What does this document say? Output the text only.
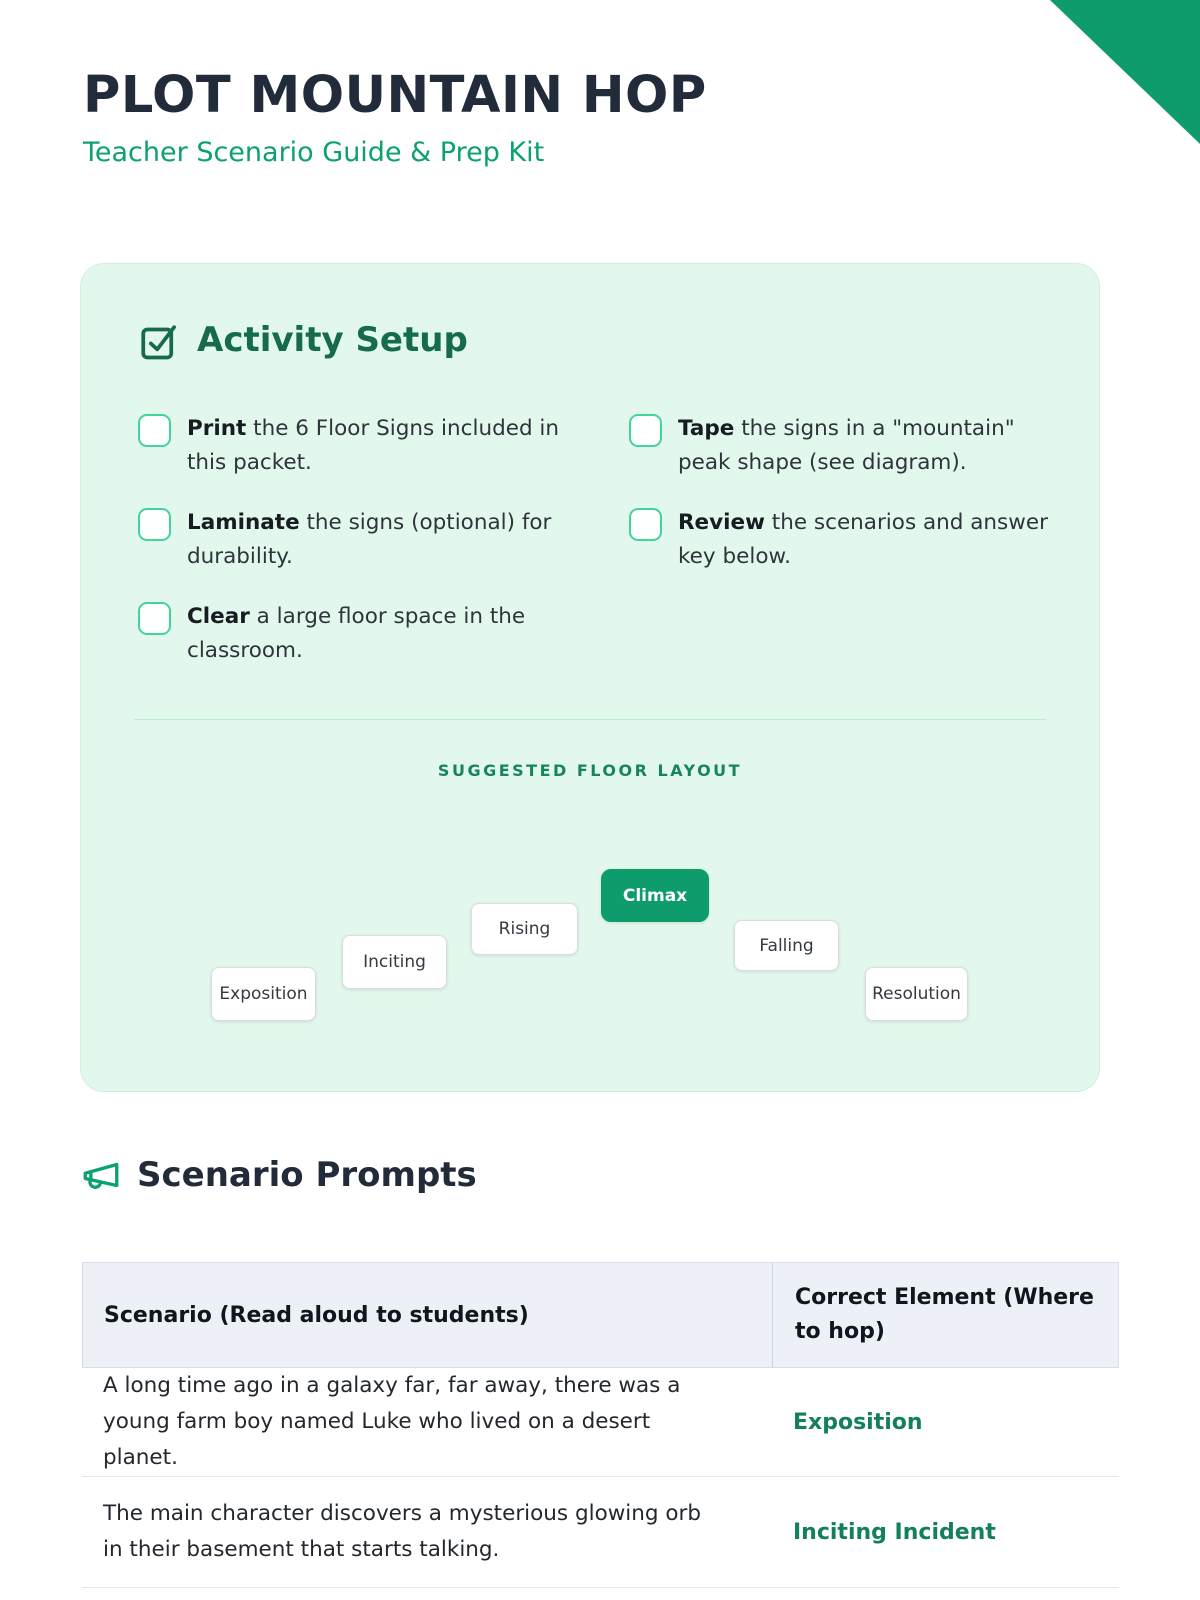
PLOT MOUNTAIN HOP
Teacher Scenario Guide & Prep Kit
Activity Setup
Print the 6 Floor Signs included in this packet.
Tape the signs in a "mountain" peak shape (see diagram).
Laminate the signs (optional) for durability.
Review the scenarios and answer key below.
Clear a large floor space in the classroom.
SUGGESTED FLOOR LAYOUT
Exposition
Inciting
Rising
Climax
Falling
Resolution
Scenario Prompts
Scenario (Read aloud to students)
Correct Element (Where to hop)
A long time ago in a galaxy far, far away, there was a young farm boy named Luke who lived on a desert planet.
Exposition
The main character discovers a mysterious glowing orb in their basement that starts talking.
Inciting Incident
